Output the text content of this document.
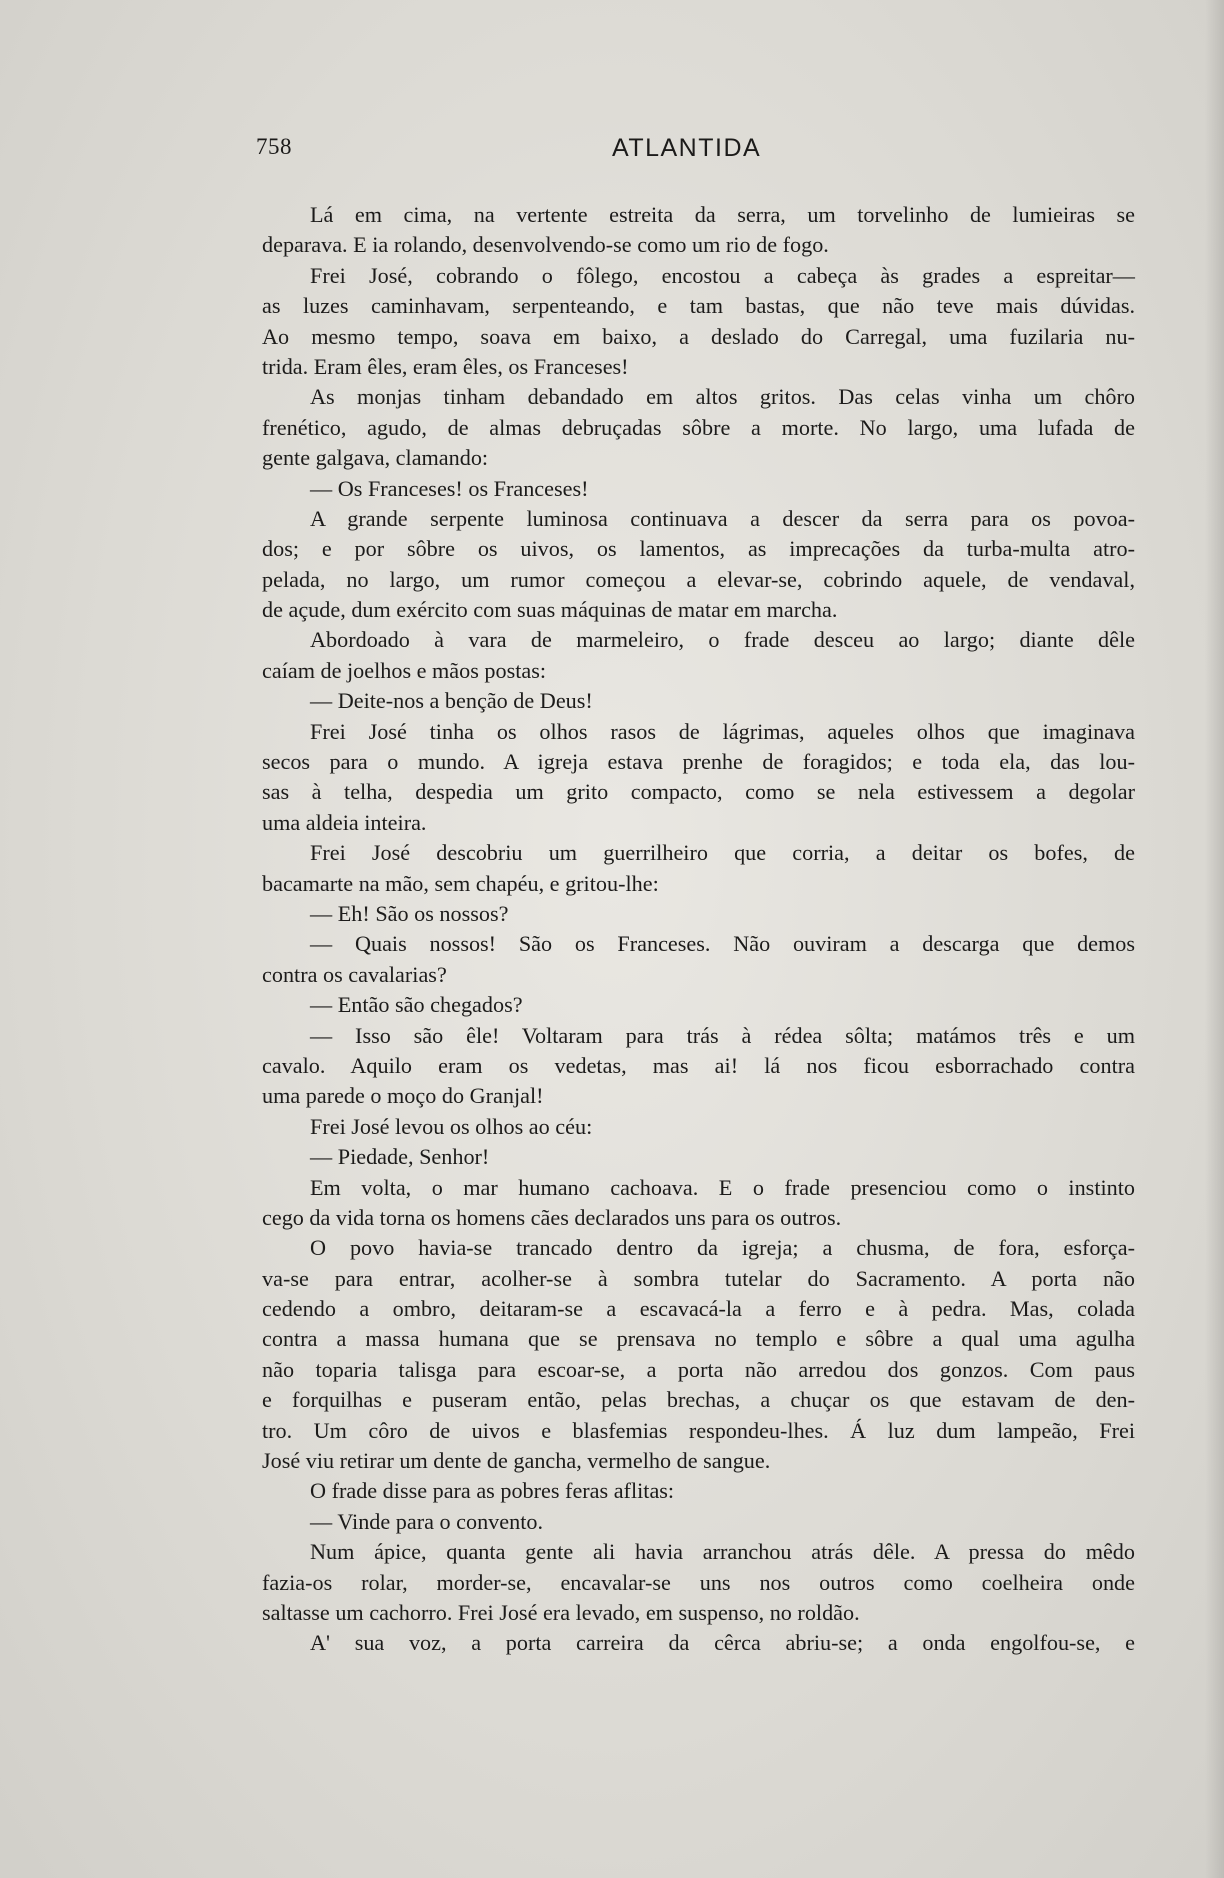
758	ATLANTIDA
Lá em cima, na vertente estreita da serra, um torvelinho de lumieiras se
deparava. E ia rolando, desenvolvendo-se como um rio de fogo.
Frei José, cobrando o fôlego, encostou a cabeça às grades a espreitar—
as luzes caminhavam, serpenteando, e tam bastas, que não teve mais dúvidas.
Ao mesmo tempo, soava em baixo, a deslado do Carregal, uma fuzilaria nu-
trida. Eram êles, eram êles, os Franceses!
As monjas tinham debandado em altos gritos. Das celas vinha um chôro
frenético, agudo, de almas debruçadas sôbre a morte. No largo, uma lufada de
gente galgava, clamando:
— Os Franceses! os Franceses!
A grande serpente luminosa continuava a descer da serra para os povoa-
dos; e por sôbre os uivos, os lamentos, as imprecações da turba-multa atro-
pelada, no largo, um rumor começou a elevar-se, cobrindo aquele, de vendaval,
de açude, dum exército com suas máquinas de matar em marcha.
Abordoado à vara de marmeleiro, o frade desceu ao largo; diante dêle
caíam de joelhos e mãos postas:
— Deite-nos a benção de Deus!
Frei José tinha os olhos rasos de lágrimas, aqueles olhos que imaginava
secos para o mundo. A igreja estava prenhe de foragidos; e toda ela, das lou-
sas à telha, despedia um grito compacto, como se nela estivessem a degolar
uma aldeia inteira.
Frei José descobriu um guerrilheiro que corria, a deitar os bofes, de
bacamarte na mão, sem chapéu, e gritou-lhe:
— Eh! São os nossos?
— Quais nossos! São os Franceses. Não ouviram a descarga que demos
contra os cavalarias?
— Então são chegados?
— Isso são êle! Voltaram para trás à rédea sôlta; matámos três e um
cavalo. Aquilo eram os vedetas, mas ai! lá nos ficou esborrachado contra
uma parede o moço do Granjal!
Frei José levou os olhos ao céu:
— Piedade, Senhor!
Em volta, o mar humano cachoava. E o frade presenciou como o instinto
cego da vida torna os homens cães declarados uns para os outros.
O povo havia-se trancado dentro da igreja; a chusma, de fora, esforça-
va-se para entrar, acolher-se à sombra tutelar do Sacramento. A porta não
cedendo a ombro, deitaram-se a escavacá-la a ferro e à pedra. Mas, colada
contra a massa humana que se prensava no templo e sôbre a qual uma agulha
não toparia talisga para escoar-se, a porta não arredou dos gonzos. Com paus
e forquilhas e puseram então, pelas brechas, a chuçar os que estavam de den-
tro. Um côro de uivos e blasfemias respondeu-lhes. Á luz dum lampeão, Frei
José viu retirar um dente de gancha, vermelho de sangue.
O frade disse para as pobres feras aflitas:
— Vinde para o convento.
Num ápice, quanta gente ali havia arranchou atrás dêle. A pressa do mêdo
fazia-os rolar, morder-se, encavalar-se uns nos outros como coelheira onde
saltasse um cachorro. Frei José era levado, em suspenso, no roldão.
A' sua voz, a porta carreira da cêrca abriu-se; a onda engolfou-se, e
